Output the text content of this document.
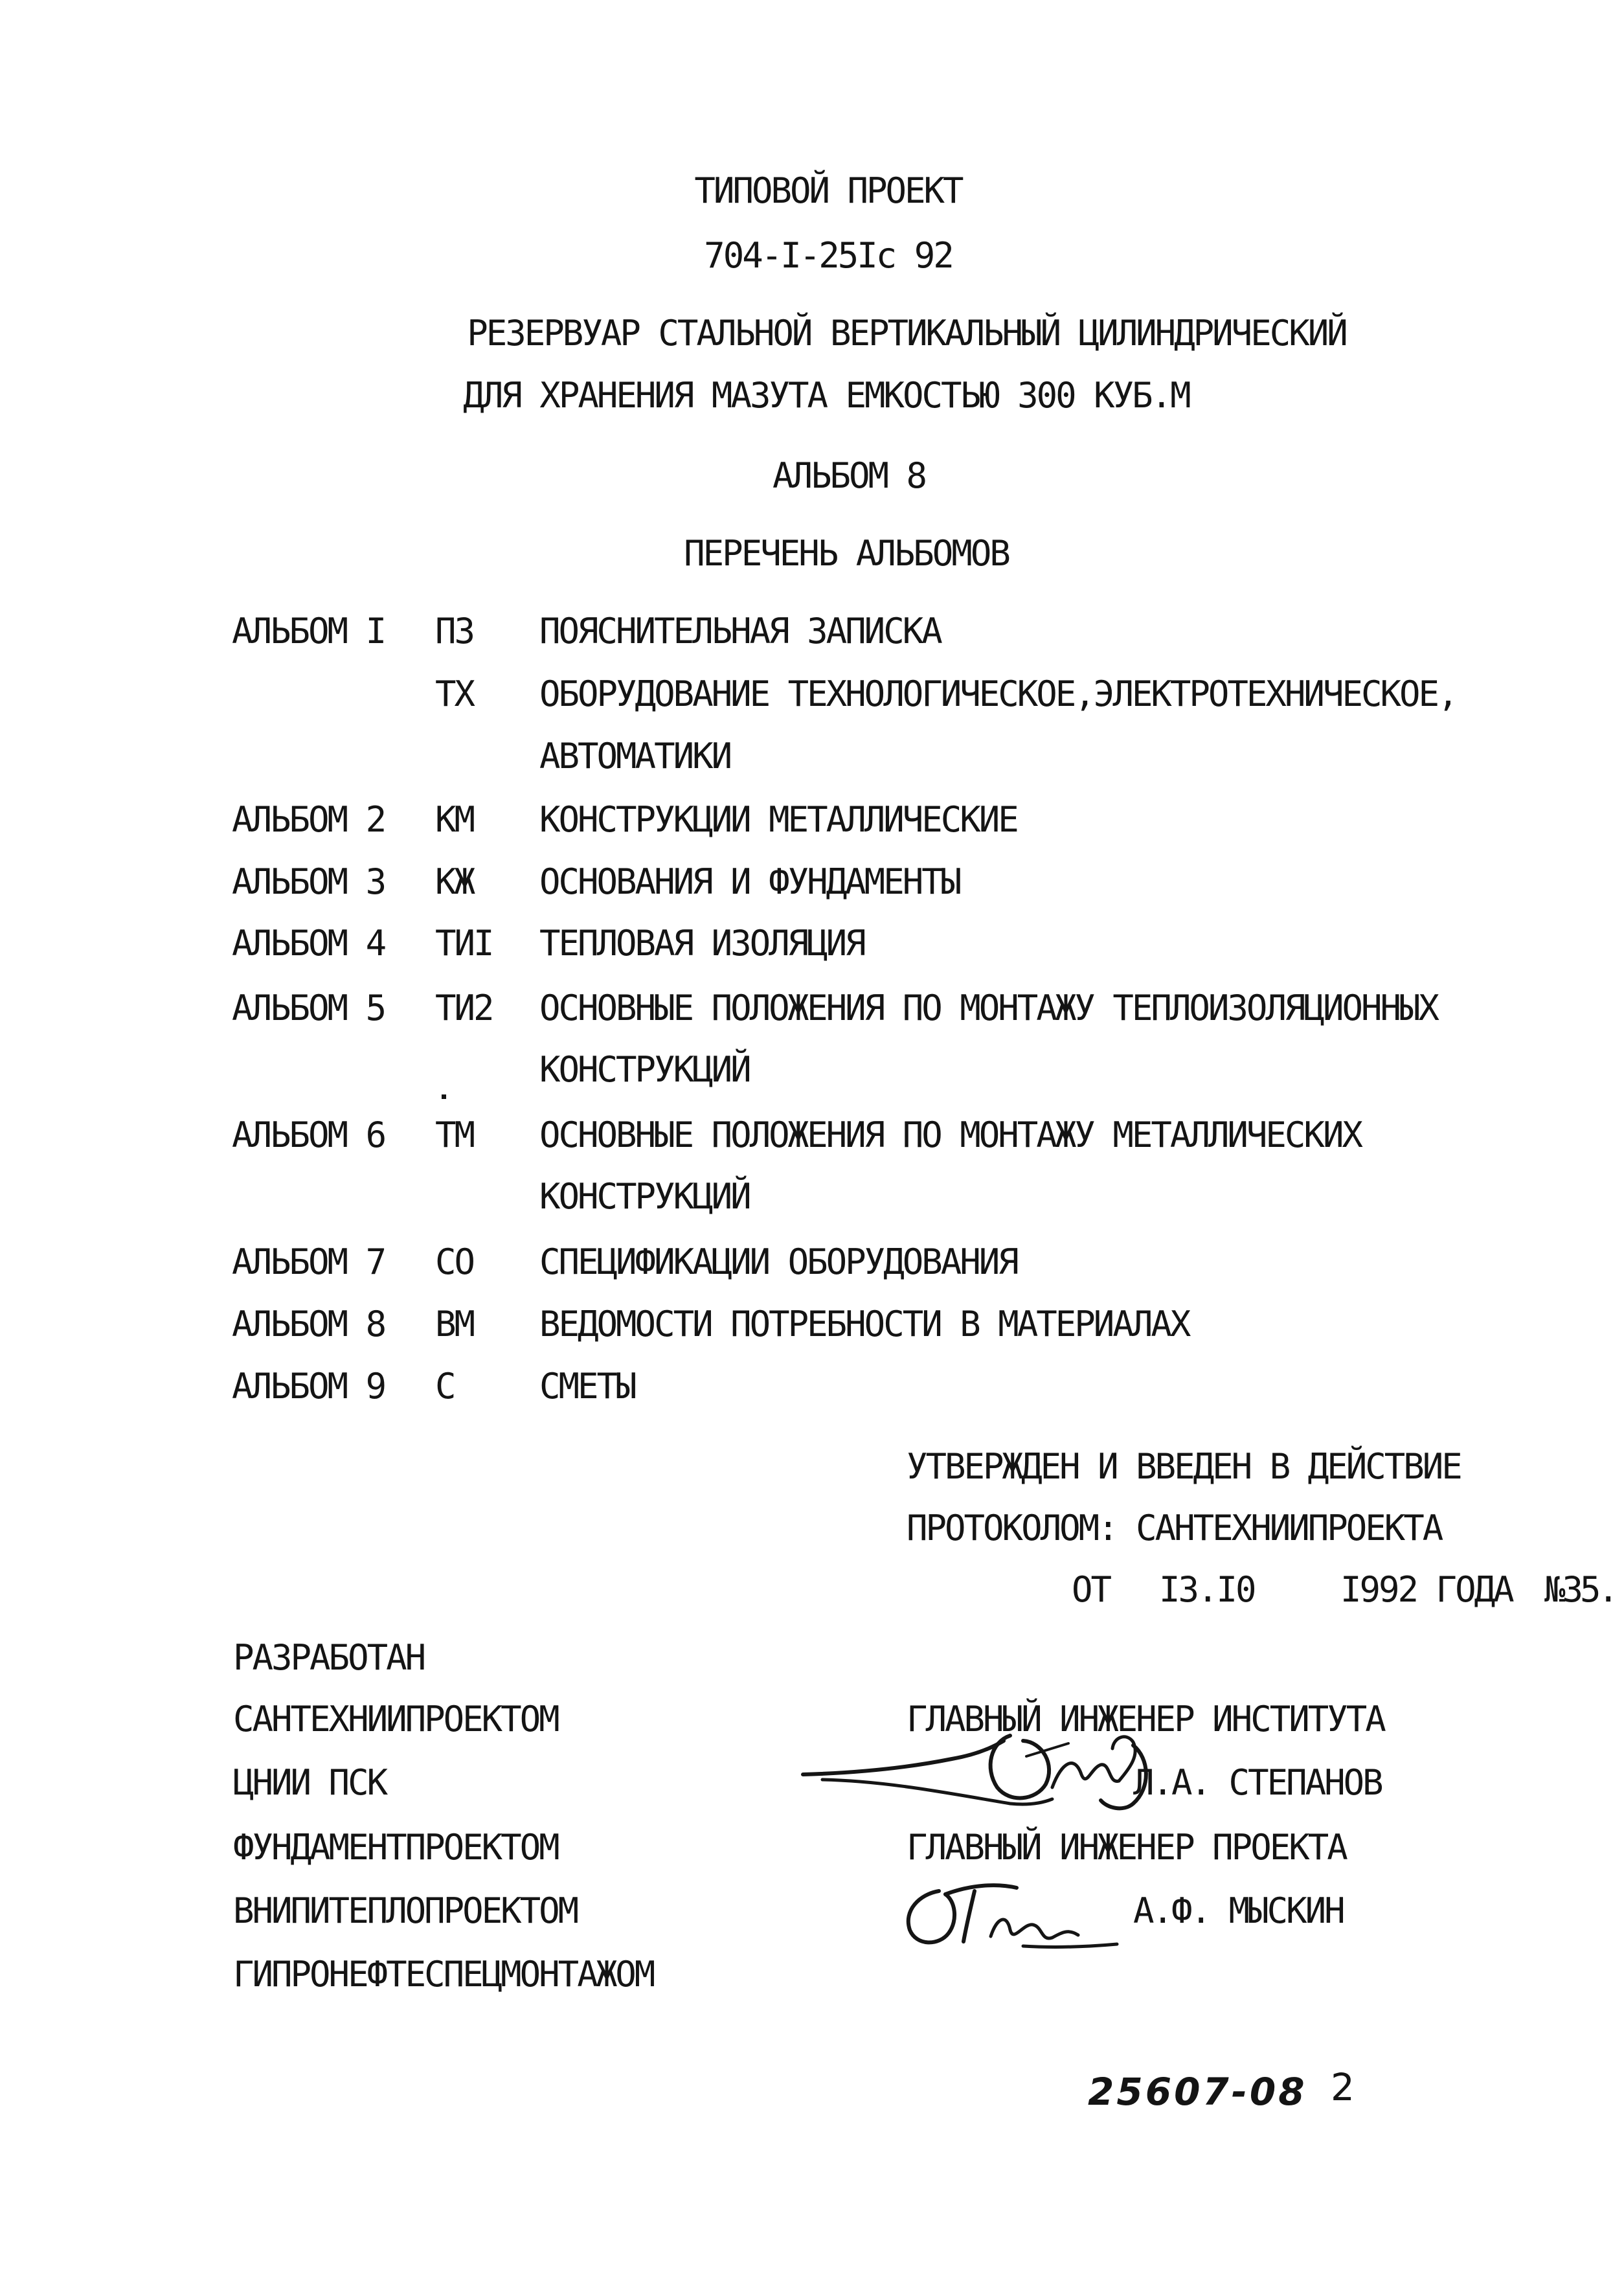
ТИПОВОЙ ПРОЕКТ
704-I-25Iс 92
РЕЗЕРВУАР СТАЛЬНОЙ ВЕРТИКАЛЬНЫЙ ЦИЛИНДРИЧЕСКИЙ
ДЛЯ ХРАНЕНИЯ МАЗУТА ЕМКОСТЬЮ 300 КУБ.М
АЛЬБОМ 8
ПЕРЕЧЕНЬ АЛЬБОМОВ
АЛЬБОМ I ПЗ ПОЯСНИТЕЛЬНАЯ ЗАПИСКА
ТХ ОБОРУДОВАНИЕ ТЕХНОЛОГИЧЕСКОЕ,ЭЛЕКТРОТЕХНИЧЕСКОЕ,
АВТОМАТИКИ
АЛЬБОМ 2 КМ КОНСТРУКЦИИ МЕТАЛЛИЧЕСКИЕ
АЛЬБОМ 3 КЖ ОСНОВАНИЯ И ФУНДАМЕНТЫ
АЛЬБОМ 4 ТИI ТЕПЛОВАЯ ИЗОЛЯЦИЯ
АЛЬБОМ 5 ТИ2 ОСНОВНЫЕ ПОЛОЖЕНИЯ ПО МОНТАЖУ ТЕПЛОИЗОЛЯЦИОННЫХ
КОНСТРУКЦИЙ
АЛЬБОМ 6 ТМ ОСНОВНЫЕ ПОЛОЖЕНИЯ ПО МОНТАЖУ МЕТАЛЛИЧЕСКИХ
КОНСТРУКЦИЙ
АЛЬБОМ 7 СО СПЕЦИФИКАЦИИ ОБОРУДОВАНИЯ
АЛЬБОМ 8 ВМ ВЕДОМОСТИ ПОТРЕБНОСТИ В МАТЕРИАЛАХ
АЛЬБОМ 9 С СМЕТЫ
УТВЕРЖДЕН И ВВЕДЕН В ДЕЙСТВИЕ
ПРОТОКОЛОМ: САНТЕХНИИПРОЕКТА
ОТ I3.I0 I992 ГОДА №35.
РАЗРАБОТАН
САНТЕХНИИПРОЕКТОМ
ЦНИИ ПСК
ФУНДАМЕНТПРОЕКТОМ
ВНИПИТЕПЛОПРОЕКТОМ
ГИПРОНЕФТЕСПЕЦМОНТАЖОМ
ГЛАВНЫЙ ИНЖЕНЕР ИНСТИТУТА
Л.А. СТЕПАНОВ
ГЛАВНЫЙ ИНЖЕНЕР ПРОЕКТА
А.Ф. МЫСКИН
25607-08 2
